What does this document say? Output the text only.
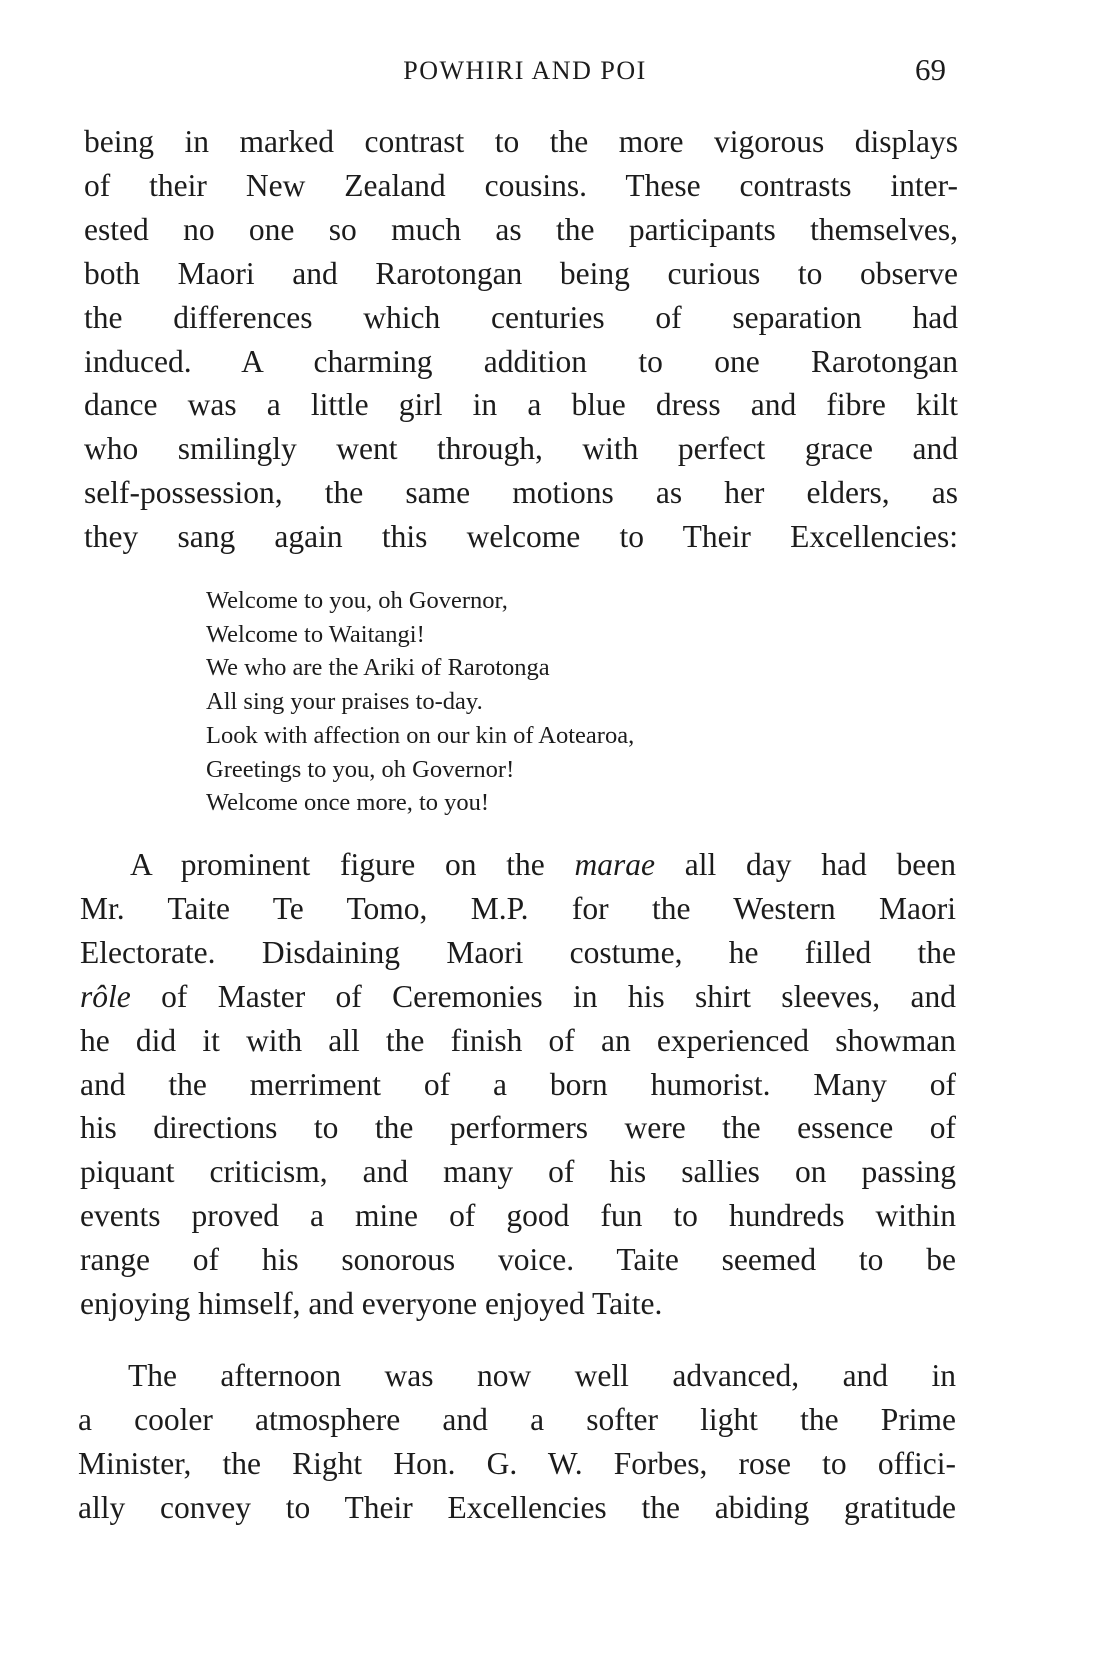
POWHIRI AND POI	69
being in marked contrast to the more vigorous displays
of their New Zealand cousins. These contrasts inter-
ested no one so much as the participants themselves,
both Maori and Rarotongan being curious to observe
the differences which centuries of separation had
induced. A charming addition to one Rarotongan
dance was a little girl in a blue dress and fibre kilt
who smilingly went through, with perfect grace and
self-possession, the same motions as her elders, as
they sang again this welcome to Their Excellencies:
Welcome to you, oh Governor,
Welcome to Waitangi!
We who are the Ariki of Rarotonga
All sing your praises to-day.
Look with affection on our kin of Aotearoa,
Greetings to you, oh Governor!
Welcome once more, to you!
A prominent figure on the marae all day had been
Mr. Taite Te Tomo, M.P. for the Western Maori
Electorate. Disdaining Maori costume, he filled the
rôle of Master of Ceremonies in his shirt sleeves, and
he did it with all the finish of an experienced showman
and the merriment of a born humorist. Many of
his directions to the performers were the essence of
piquant criticism, and many of his sallies on passing
events proved a mine of good fun to hundreds within
range of his sonorous voice. Taite seemed to be
enjoying himself, and everyone enjoyed Taite.
The afternoon was now well advanced, and in
a cooler atmosphere and a softer light the Prime
Minister, the Right Hon. G. W. Forbes, rose to offici-
ally convey to Their Excellencies the abiding gratitude
